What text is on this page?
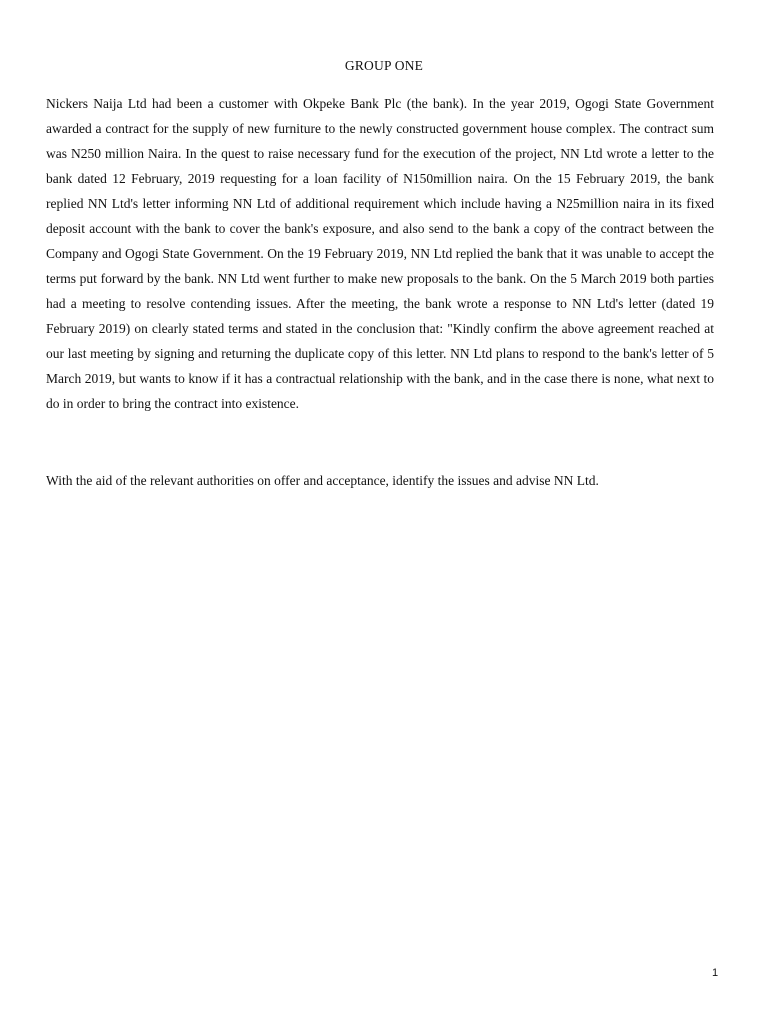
GROUP ONE

Nickers Naija Ltd had been a customer with Okpeke Bank Plc (the bank). In the year 2019, Ogogi State Government awarded a contract for the supply of new furniture to the newly constructed government house complex. The contract sum was N250 million Naira. In the quest to raise necessary fund for the execution of the project, NN Ltd wrote a letter to the bank dated 12 February, 2019 requesting for a loan facility of N150million naira. On the 15 February 2019, the bank replied NN Ltd's letter informing NN Ltd of additional requirement which include having a N25million naira in its fixed deposit account with the bank to cover the bank's exposure, and also send to the bank a copy of the contract between the Company and Ogogi State Government. On the 19 February 2019, NN Ltd replied the bank that it was unable to accept the terms put forward by the bank. NN Ltd went further to make new proposals to the bank. On the 5 March 2019 both parties had a meeting to resolve contending issues. After the meeting, the bank wrote a response to NN Ltd's letter (dated 19 February 2019) on clearly stated terms and stated in the conclusion that: "Kindly confirm the above agreement reached at our last meeting by signing and returning the duplicate copy of this letter. NN Ltd plans to respond to the bank's letter of 5 March 2019, but wants to know if it has a contractual relationship with the bank, and in the case there is none, what next to do in order to bring the contract into existence.

With the aid of the relevant authorities on offer and acceptance, identify the issues and advise NN Ltd.

1
